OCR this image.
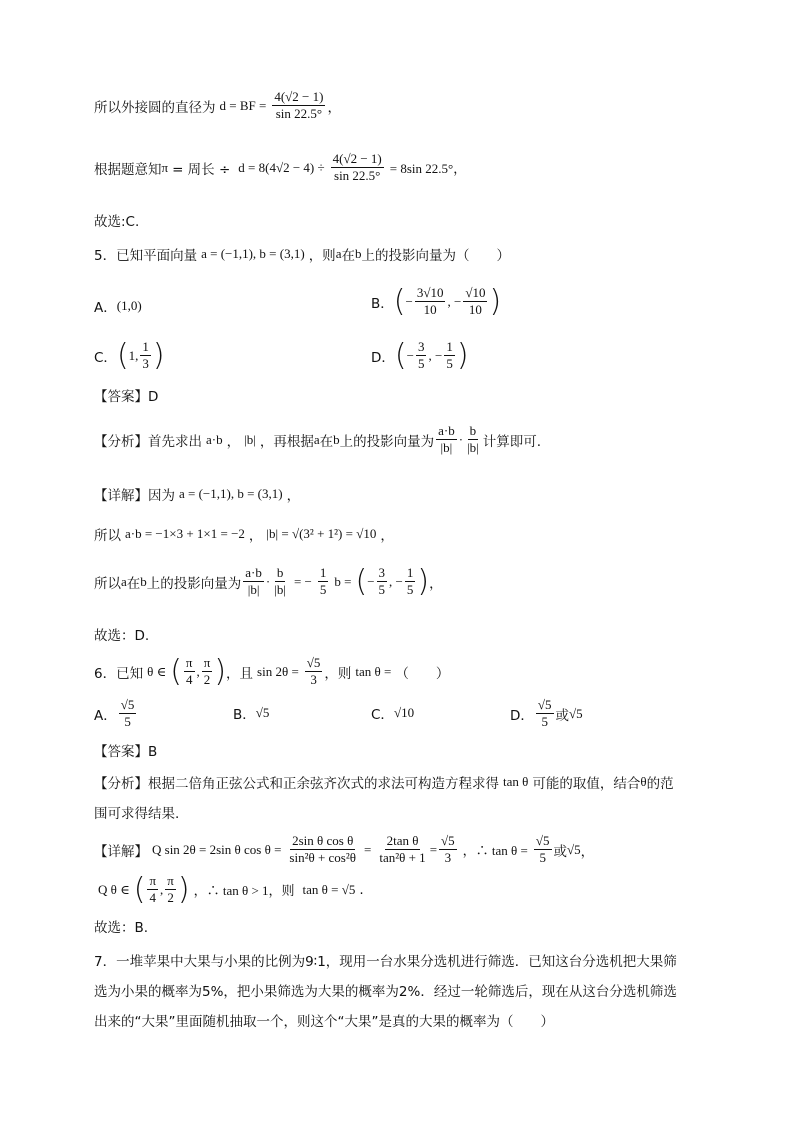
所以外接圆的直径为 d = BF = $\frac{4(√2 - 1)}{\sin 22.5^\circ}$ ，
根据题意知 π = 周长 ÷ $d = 8(4√2 - 4) \div \frac{4(√2 - 1)}{\sin 22.5^\circ} = 8\sin$ 22.5°，
故选:C.
5．已知平面向量 a = (−1,1), b = (3,1) ，则 a 在 b 上的投影向量为（　　）
A． (1,0)	B． ( − $\frac{3√10}{10}$ , − $\frac{√10}{10}$ )
C． ( 1, $\frac{1}{3}$ )	D． ( − $\frac{3}{5}$ , − $\frac{1}{5}$ )
【答案】D
【分析】 首先求出 a·b ， |b| ，再根据 a 在 b 上的投影向量为 $\frac{a\cdot b}{|b|} \cdot \frac{b}{|b|}$ 计算即可.
【详解】 因为 a = (−1,1), b = (3,1) ，
所以 a·b = −1×3 + 1×1 = −2 ， |b| = √(3² + 1²) = √10 ，
所以 a 在 b 上的投影向量为 $\frac{a\cdot b}{|b|} \cdot \frac{b}{|b|}$ = − $\frac{1}{5}$ b = ( − $\frac{3}{5}$ , − $\frac{1}{5}$ ) ，
故选：D.
6．已知 θ ∈ ( $\frac{\pi}{4}$ , $\frac{\pi}{2}$ ) ，且 $\sin 2\theta = \frac{√5}{3}$ ，则 tan θ = （　　）
A． $\frac{√5}{5}$	B． √5	C． √10	D． $\frac{√5}{5}$ 或 √5
【答案】B
【分析】 根据二倍角正弦公式和正余弦齐次式的求法可构造方程求得 tan θ 可能的取值，结合 θ 的范
围可求得结果.
【详解】 Q sin 2θ = 2sin θ $\cos \theta = \frac{\text{2sin θ cos θ}}{\text{sin²θ + cos²θ}} = \frac{\text{2tan θ}}{\text{tan²θ + 1}} = \frac{√5}{3}$ ，∴ $\tan \theta = \frac{√5}{5}$ 或 √5 ，
Q θ ∈ ( $\frac{\pi}{4}$ , $\frac{\pi}{2}$ ) ，∴ tan θ > 1，则 tan θ = √5 .
故选：B.
7．一堆苹果中大果与小果的比例为9∶1，现用一台水果分选机进行筛选．已知这台分选机把大果筛
选为小果的概率为5%，把小果筛选为大果的概率为2%．经过一轮筛选后，现在从这台分选机筛选
出来的“大果”里面随机抽取一个，则这个“大果”是真的大果的概率为（　　）
